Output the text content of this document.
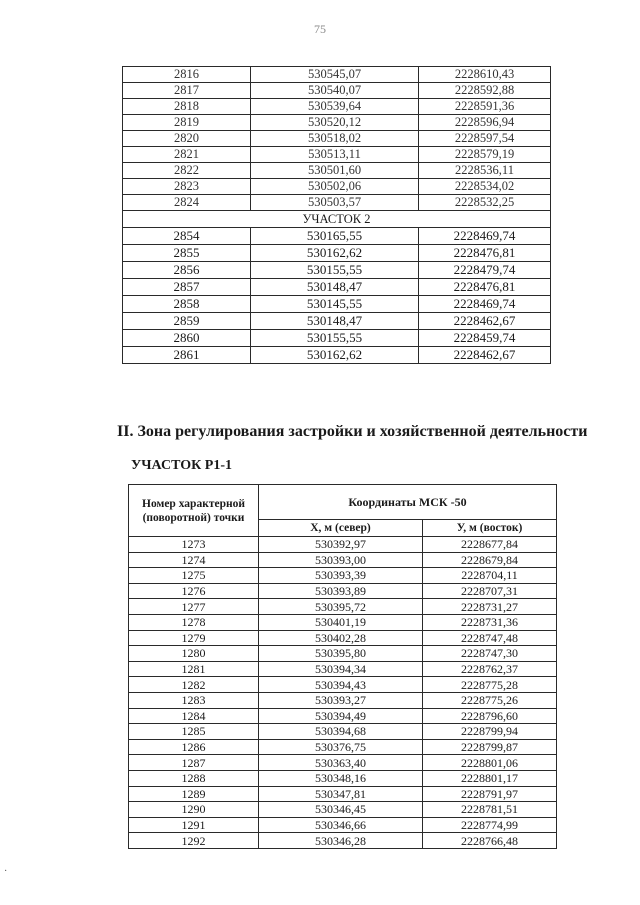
75
2816	530545,07	2228610,43
2817	530540,07	2228592,88
2818	530539,64	2228591,36
2819	530520,12	2228596,94
2820	530518,02	2228597,54
2821	530513,11	2228579,19
2822	530501,60	2228536,11
2823	530502,06	2228534,02
2824	530503,57	2228532,25
УЧАСТОК 2		
2854	530165,55	2228469,74
2855	530162,62	2228476,81
2856	530155,55	2228479,74
2857	530148,47	2228476,81
2858	530145,55	2228469,74
2859	530148,47	2228462,67
2860	530155,55	2228459,74
2861	530162,62	2228462,67
II. Зона регулирования застройки и хозяйственной деятельности
УЧАСТОК Р1-1
Номер характерной (поворотной) точки	Координаты МСК -50	
	Х, м (север)	У, м (восток)
1273	530392,97	2228677,84
1274	530393,00	2228679,84
1275	530393,39	2228704,11
1276	530393,89	2228707,31
1277	530395,72	2228731,27
1278	530401,19	2228731,36
1279	530402,28	2228747,48
1280	530395,80	2228747,30
1281	530394,34	2228762,37
1282	530394,43	2228775,28
1283	530393,27	2228775,26
1284	530394,49	2228796,60
1285	530394,68	2228799,94
1286	530376,75	2228799,87
1287	530363,40	2228801,06
1288	530348,16	2228801,17
1289	530347,81	2228791,97
1290	530346,45	2228781,51
1291	530346,66	2228774,99
1292	530346,28	2228766,48
·
